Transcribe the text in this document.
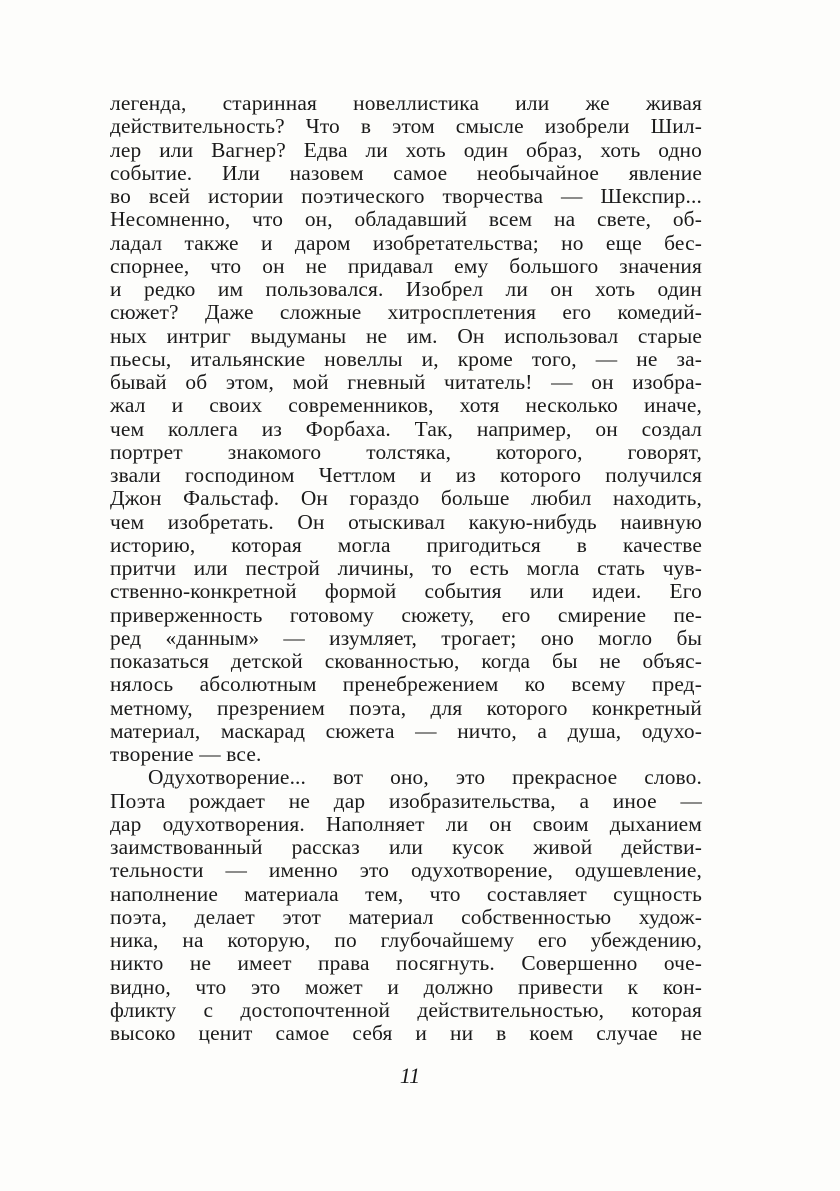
легенда, старинная новеллистика или же живая
действительность? Что в этом смысле изобрели Шил-
лер или Вагнер? Едва ли хоть один образ, хоть одно
событие. Или назовем самое необычайное явление
во всей истории поэтического творчества — Шекспир...
Несомненно, что он, обладавший всем на свете, об-
ладал также и даром изобретательства; но еще бес-
спорнее, что он не придавал ему большого значения
и редко им пользовался. Изобрел ли он хоть один
сюжет? Даже сложные хитросплетения его комедий-
ных интриг выдуманы не им. Он использовал старые
пьесы, итальянские новеллы и, кроме того, — не за-
бывай об этом, мой гневный читатель! — он изобра-
жал и своих современников, хотя несколько иначе,
чем коллега из Форбаха. Так, например, он создал
портрет знакомого толстяка, которого, говорят,
звали господином Четтлом и из которого получился
Джон Фальстаф. Он гораздо больше любил находить,
чем изобретать. Он отыскивал какую-нибудь наивную
историю, которая могла пригодиться в качестве
притчи или пестрой личины, то есть могла стать чув-
ственно-конкретной формой события или идеи. Его
приверженность готовому сюжету, его смирение пе-
ред «данным» — изумляет, трогает; оно могло бы
показаться детской скованностью, когда бы не объяс-
нялось абсолютным пренебрежением ко всему пред-
метному, презрением поэта, для которого конкретный
материал, маскарад сюжета — ничто, а душа, одухо-
творение — все.
Одухотворение... вот оно, это прекрасное слово.
Поэта рождает не дар изобразительства, а иное —
дар одухотворения. Наполняет ли он своим дыханием
заимствованный рассказ или кусок живой действи-
тельности — именно это одухотворение, одушевление,
наполнение материала тем, что составляет сущность
поэта, делает этот материал собственностью худож-
ника, на которую, по глубочайшему его убеждению,
никто не имеет права посягнуть. Совершенно оче-
видно, что это может и должно привести к кон-
фликту с достопочтенной действительностью, которая
высоко ценит самое себя и ни в коем случае не
11
